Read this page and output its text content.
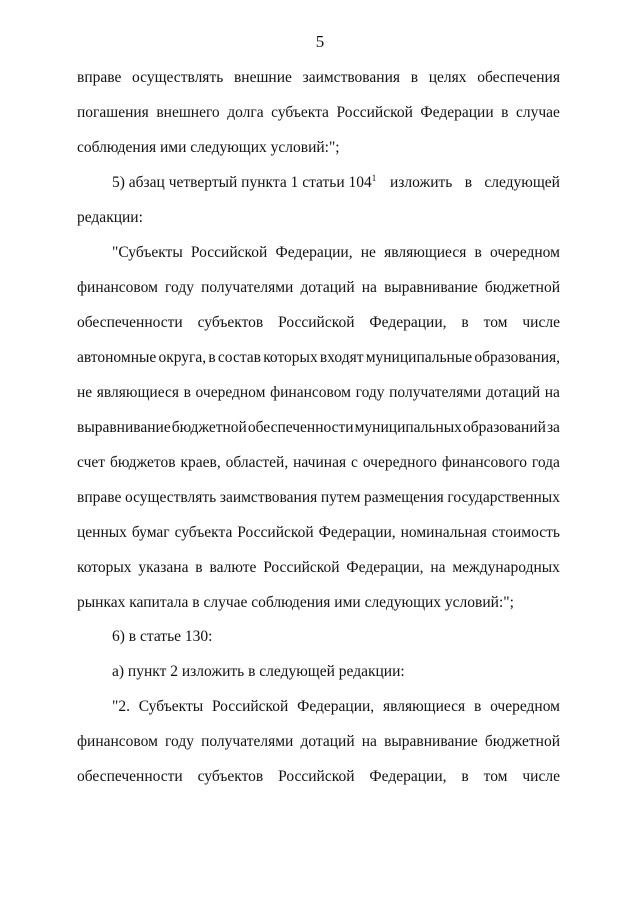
5
вправе осуществлять внешние заимствования в целях обеспечения
погашения внешнего долга субъекта Российской Федерации в случае
соблюдения ими следующих условий:";
5) абзац четвертый пункта 1 статьи $104^1$ изложить в следующей
редакции:
"Субъекты Российской Федерации, не являющиеся в очередном
финансовом году получателями дотаций на выравнивание бюджетной
обеспеченности субъектов Российской Федерации, в том числе
автономные округа, в состав которых входят муниципальные образования,
не являющиеся в очередном финансовом году получателями дотаций на
выравнивание бюджетной обеспеченности муниципальных образований за
счет бюджетов краев, областей, начиная с очередного финансового года
вправе осуществлять заимствования путем размещения государственных
ценных бумаг субъекта Российской Федерации, номинальная стоимость
которых указана в валюте Российской Федерации, на международных
рынках капитала в случае соблюдения ими следующих условий:";
6) в статье 130:
а) пункт 2 изложить в следующей редакции:
"2. Субъекты Российской Федерации, являющиеся в очередном
финансовом году получателями дотаций на выравнивание бюджетной
обеспеченности субъектов Российской Федерации, в том числе
